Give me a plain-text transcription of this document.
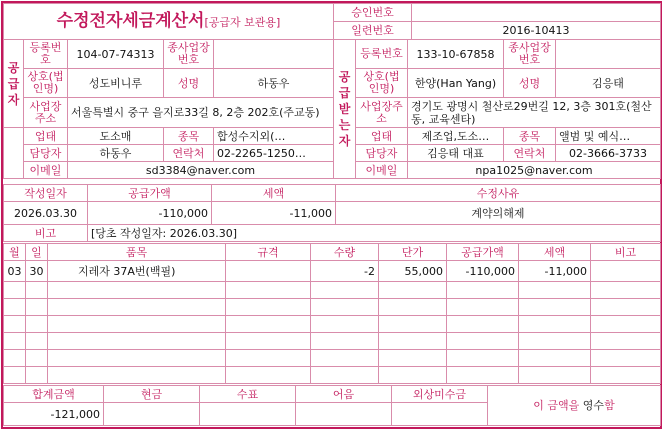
수정전자세금계산서[공급자 보관용]	승인번호	
	일련번호	2016-10413
공급자	등록번호	104-07-74313	종사업장번호		공급받는자	등록번호	133-10-67858	종사업장번호	
	상호(법인명)	성도비니루	성명	하동우		상호(법인명)	한양(Han Yang)	성명	김응태
	사업장주소	서울특별시 중구 을지로33길 8, 2층 202호(주교동)				사업장주소	경기도 광명시 철산로29번길 12, 3층 301호(철산동, 교육센타)		
	업태	도소매	종목	합성수지외(…		업태	제조업,도소…	종목	앨범 및 예식…
	담당자	하동우	연락처	02-2265-1250…		담당자	김응태 대표	연락처	02-3666-3733
	이메일	sd3384@naver.com				이메일	npa1025@naver.com		
작성일자	공급가액	세액	수정사유
2026.03.30	-110,000	-11,000	계약의해제
비고	[당초 작성일자: 2026.03.30]		
월	일	품목	규격	수량	단가	공급가액	세액	비고
03	30	지레자 37A번(백필)		-2	55,000	-110,000	-11,000	

합계금액	현금	수표	어음	외상미수금	이 금액을 영수함
-121,000					
